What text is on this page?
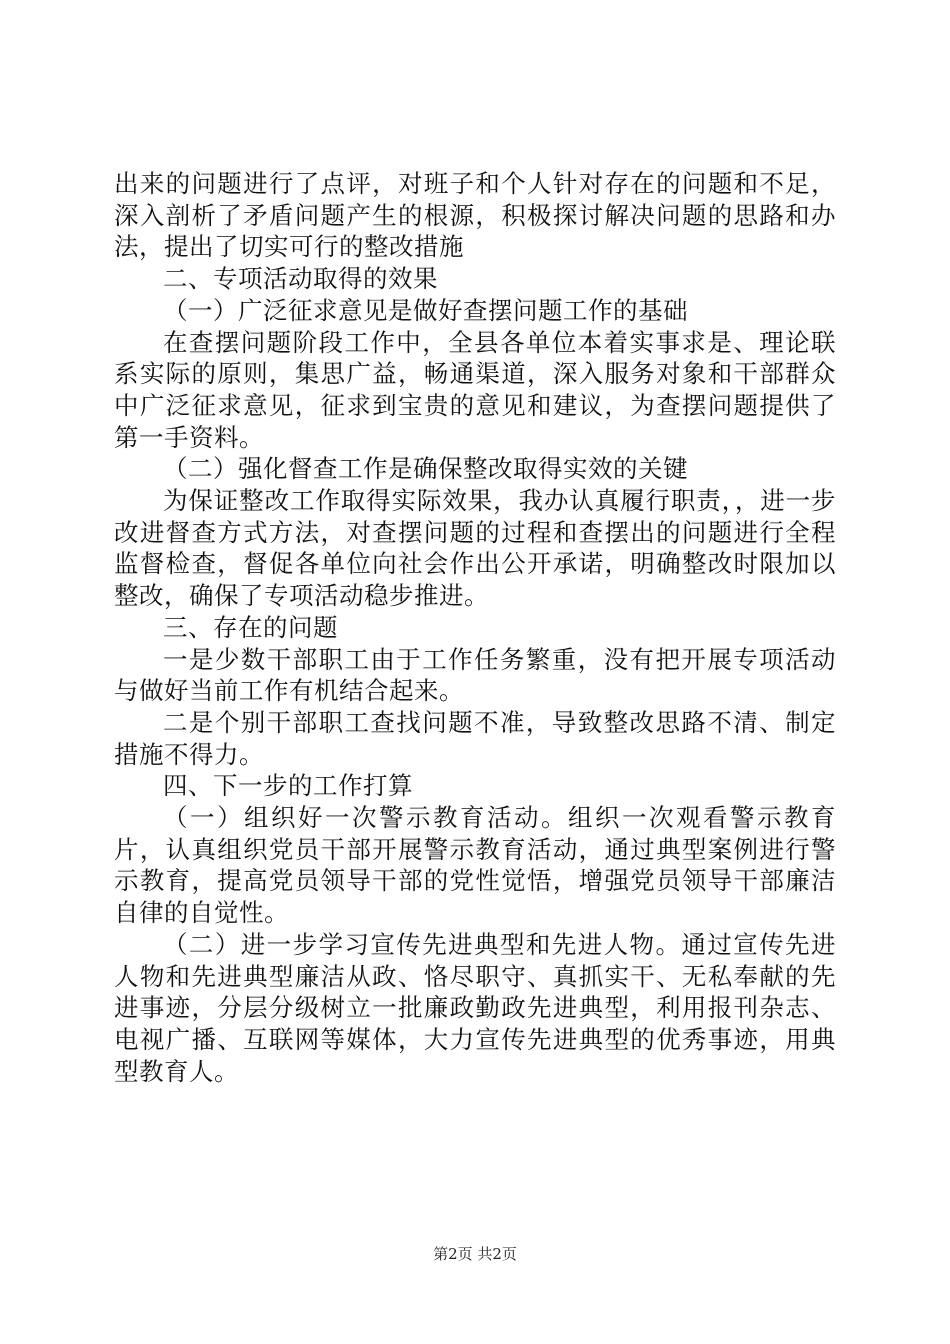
出来的问题进行了点评，对班子和个人针对存在的问题和不足，深入剖析了矛盾问题产生的根源，积极探讨解决问题的思路和办法，提出了切实可行的整改措施

二、专项活动取得的效果

（一）广泛征求意见是做好查摆问题工作的基础

在查摆问题阶段工作中，全县各单位本着实事求是、理论联系实际的原则，集思广益，畅通渠道，深入服务对象和干部群众中广泛征求意见，征求到宝贵的意见和建议，为查摆问题提供了第一手资料。

（二）强化督查工作是确保整改取得实效的关键

为保证整改工作取得实际效果，我办认真履行职责，，进一步改进督查方式方法，对查摆问题的过程和查摆出的问题进行全程监督检查，督促各单位向社会作出公开承诺，明确整改时限加以整改，确保了专项活动稳步推进。

三、存在的问题

一是少数干部职工由于工作任务繁重，没有把开展专项活动与做好当前工作有机结合起来。

二是个别干部职工查找问题不准，导致整改思路不清、制定措施不得力。

四、下一步的工作打算

（一）组织好一次警示教育活动。组织一次观看警示教育片，认真组织党员干部开展警示教育活动，通过典型案例进行警示教育，提高党员领导干部的党性觉悟，增强党员领导干部廉洁自律的自觉性。

（二）进一步学习宣传先进典型和先进人物。通过宣传先进人物和先进典型廉洁从政、恪尽职守、真抓实干、无私奉献的先进事迹，分层分级树立一批廉政勤政先进典型，利用报刊杂志、电视广播、互联网等媒体，大力宣传先进典型的优秀事迹，用典型教育人。

第2页 共2页
